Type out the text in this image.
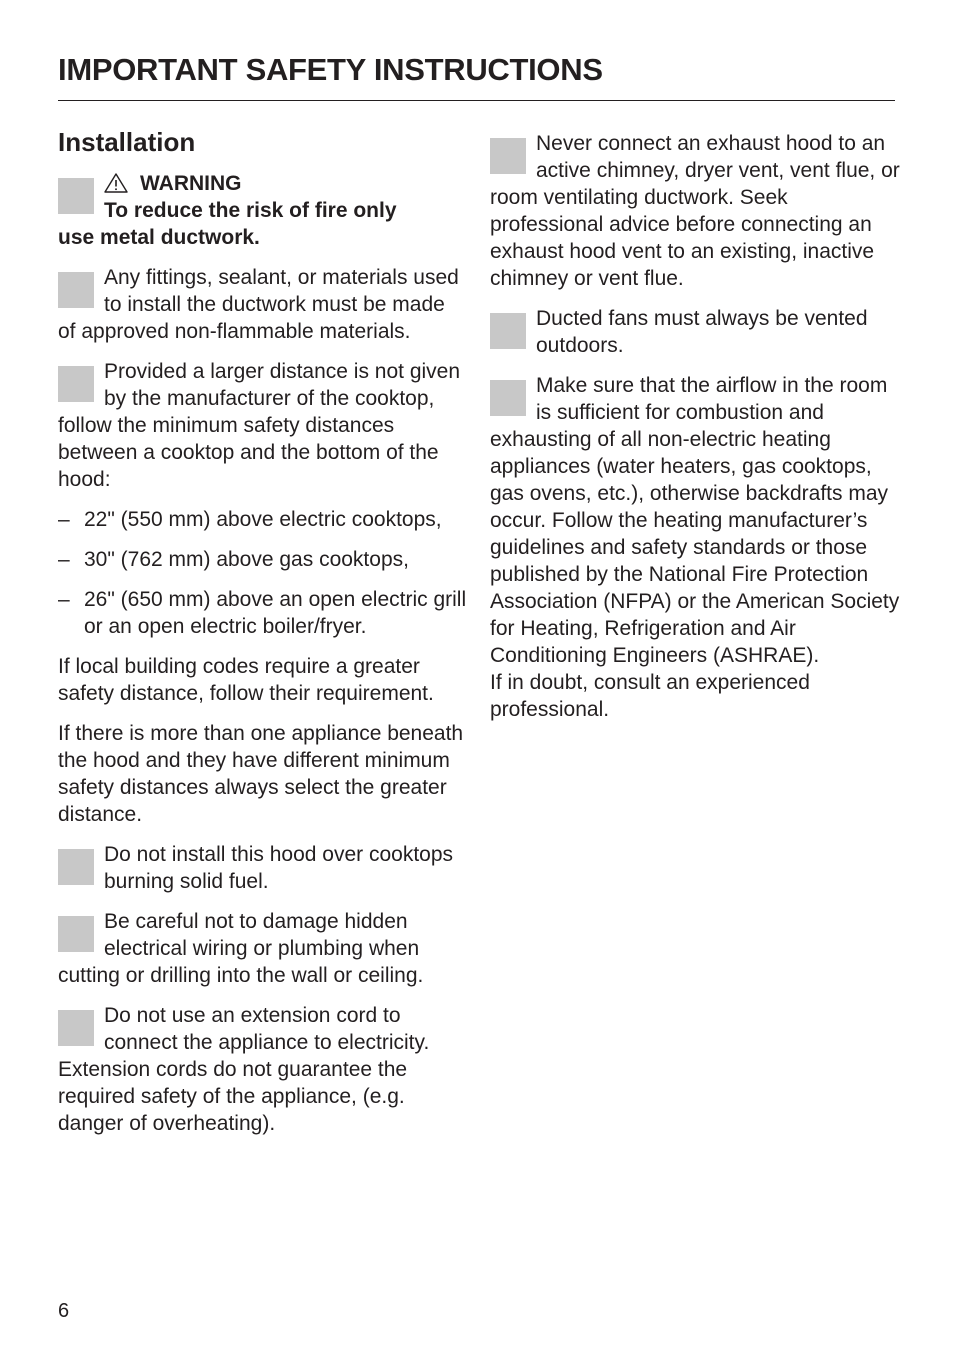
IMPORTANT SAFETY INSTRUCTIONS
Installation
WARNING
To reduce the risk of fire only
use metal ductwork.
Any fittings, sealant, or materials used to install the ductwork must be made of approved non-flammable materials.
Provided a larger distance is not given by the manufacturer of the cooktop, follow the minimum safety distances between a cooktop and the bottom of the hood:
– 22" (550 mm) above electric cooktops,
– 30" (762 mm) above gas cooktops,
– 26" (650 mm) above an open electric grill or an open electric boiler/fryer.

If local building codes require a greater safety distance, follow their requirement.

If there is more than one appliance beneath the hood and they have different minimum safety distances always select the greater distance.

Do not install this hood over cooktops burning solid fuel.
Be careful not to damage hidden electrical wiring or plumbing when cutting or drilling into the wall or ceiling.
Do not use an extension cord to connect the appliance to electricity. Extension cords do not guarantee the required safety of the appliance, (e.g. danger of overheating).
Never connect an exhaust hood to an active chimney, dryer vent, vent flue, or room ventilating ductwork. Seek professional advice before connecting an exhaust hood vent to an existing, inactive chimney or vent flue.
Ducted fans must always be vented outdoors.
Make sure that the airflow in the room is sufficient for combustion and exhausting of all non-electric heating appliances (water heaters, gas cooktops, gas ovens, etc.), otherwise backdrafts may occur. Follow the heating manufacturer’s guidelines and safety standards or those published by the National Fire Protection Association (NFPA) or the American Society for Heating, Refrigeration and Air Conditioning Engineers (ASHRAE).
If in doubt, consult an experienced professional.
6
